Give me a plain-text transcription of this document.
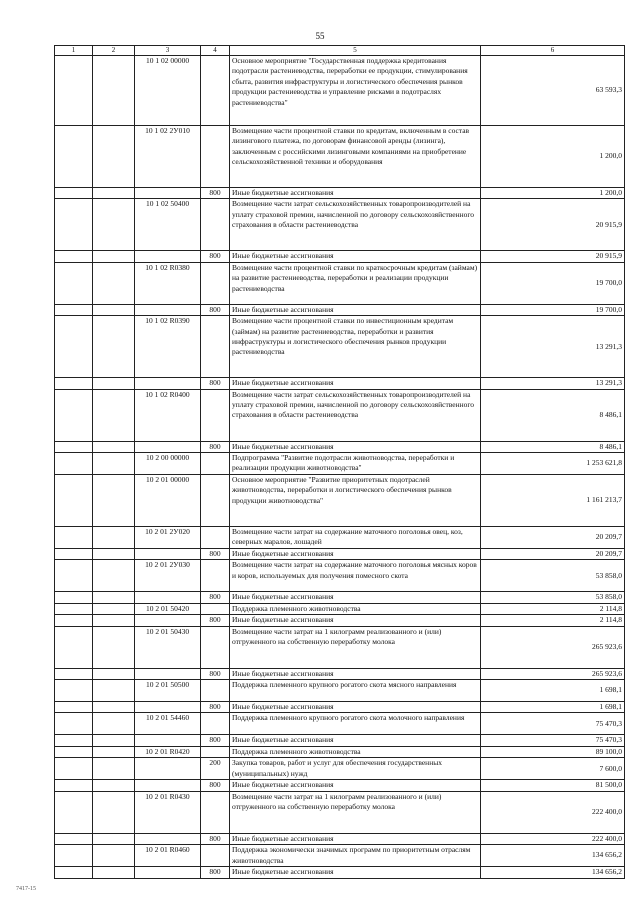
55
1	2	3	4	5	6
		10 1 02 00000		Основное мероприятие "Государственная поддержка кредитования подотрасли растениеводства, переработки ее продукции, стимулирования сбыта, развития инфраструктуры и логистического обеспечения рынков продукции растениеводства и управление рисками в подотраслях растениеводства"	63 593,3
		10 1 02 2У010		Возмещение части процентной ставки по кредитам, включенным в состав лизингового платежа, по договорам финансовой аренды (лизинга), заключенным с российскими лизинговыми компаниями на приобретение сельскохозяйственной техники и оборудования	1 200,0
			800	Иные бюджетные ассигнования	1 200,0
		10 1 02 50400		Возмещение части затрат сельскохозяйственных товаропроизводителей на уплату страховой премии, начисленной по договору сельскохозяйственного страхования в области растениеводства	20 915,9
			800	Иные бюджетные ассигнования	20 915,9
		10 1 02 R0380		Возмещение части процентной ставки по краткосрочным кредитам (займам) на развитие растениеводства, переработки и реализации продукции растениеводства	19 700,0
			800	Иные бюджетные ассигнования	19 700,0
		10 1 02 R0390		Возмещение части процентной ставки по инвестиционным кредитам (займам) на развитие растениеводства, переработки и развития инфраструктуры и логистического обеспечения рынков продукции растениеводства	13 291,3
			800	Иные бюджетные ассигнования	13 291,3
		10 1 02 R0400		Возмещение части затрат сельскохозяйственных товаропроизводителей на уплату страховой премии, начисленной по договору сельскохозяйственного страхования в области растениеводства	8 486,1
			800	Иные бюджетные ассигнования	8 486,1
		10 2 00 00000		Подпрограмма "Развитие подотрасли животноводства, переработки и реализации продукции животноводства"	1 253 621,8
		10 2 01 00000		Основное мероприятие "Развитие приоритетных подотраслей животноводства, переработки и логистического обеспечения рынков продукции животноводства"	1 161 213,7
		10 2 01 2У020		Возмещение части затрат на содержание маточного поголовья овец, коз, северных маралов, лошадей	20 209,7
			800	Иные бюджетные ассигнования	20 209,7
		10 2 01 2У030		Возмещение части затрат на содержание маточного поголовья мясных коров и коров, используемых для получения помесного скота	53 858,0
			800	Иные бюджетные ассигнования	53 858,0
		10 2 01 50420		Поддержка племенного животноводства	2 114,8
			800	Иные бюджетные ассигнования	2 114,8
		10 2 01 50430		Возмещение части затрат на 1 килограмм реализованного и (или) отгруженного на собственную переработку молока	265 923,6
			800	Иные бюджетные ассигнования	265 923,6
		10 2 01 50500		Поддержка племенного крупного рогатого скота мясного направления	1 698,1
			800	Иные бюджетные ассигнования	1 698,1
		10 2 01 54460		Поддержка племенного крупного рогатого скота молочного направления	75 470,3
			800	Иные бюджетные ассигнования	75 470,3
		10 2 01 R0420		Поддержка племенного животноводства	89 100,0
			200	Закупка товаров, работ и услуг для обеспечения государственных (муниципальных) нужд	7 600,0
			800	Иные бюджетные ассигнования	81 500,0
		10 2 01 R0430		Возмещение части затрат на 1 килограмм реализованного и (или) отгруженного на собственную переработку молока	222 400,0
			800	Иные бюджетные ассигнования	222 400,0
		10 2 01 R0460		Поддержка экономически значимых программ по приоритетным отраслям животноводства	134 656,2
			800	Иные бюджетные ассигнования	134 656,2
7417-15
